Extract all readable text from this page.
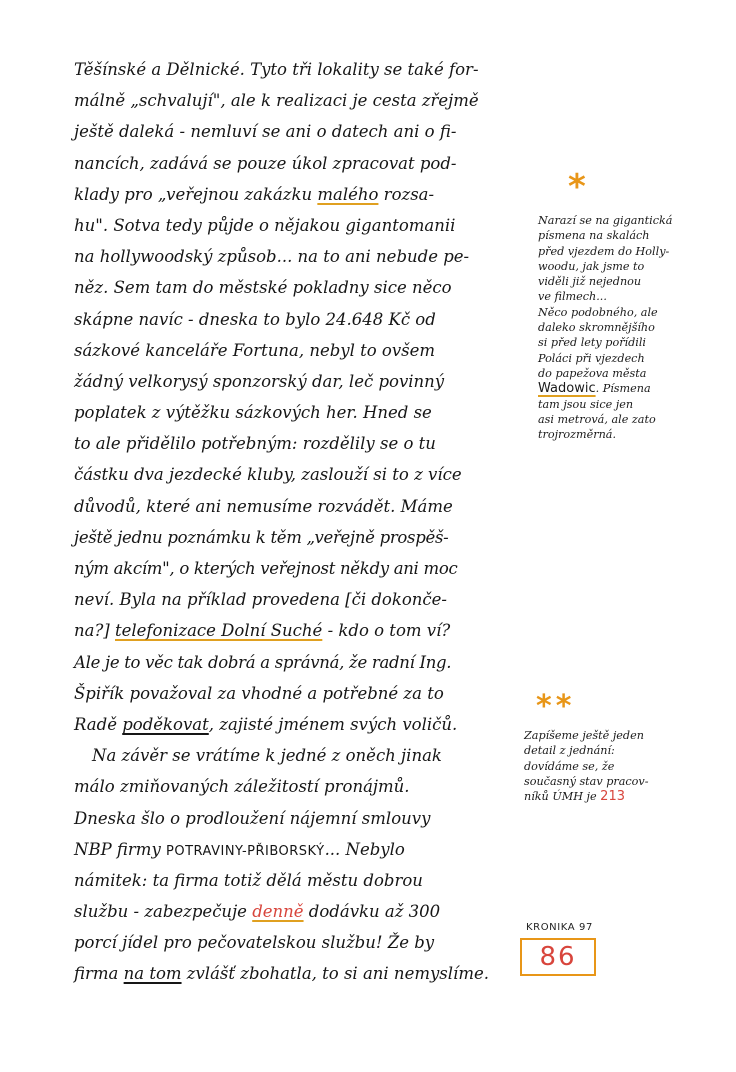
Těšínské a Dělnické. Tyto tři lokality se také for-
málně „schvalují", ale k realizaci je cesta zřejmě
ještě daleká - nemluví se ani o datech ani o fi-
nancích, zadává se pouze úkol zpracovat pod-
klady pro „veřejnou zakázku malého rozsa-
hu". Sotva tedy půjde o nějakou gigantomanii
na hollywoodský způsob... na to ani nebude pe-
něz. Sem tam do městské pokladny sice něco
skápne navíc - dneska to bylo 24.648 Kč od
sázkové kanceláře Fortuna, nebyl to ovšem
žádný velkorysý sponzorský dar, leč povinný
poplatek z výtěžku sázkových her. Hned se
to ale přidělilo potřebným: rozdělily se o tu
částku dva jezdecké kluby, zaslouží si to z více
důvodů, které ani nemusíme rozvádět. Máme
ještě jednu poznámku k těm „veřejně prospěš-
ným akcím", o kterých veřejnost někdy ani moc
neví. Byla na příklad provedena [či dokonče-
na?] telefonizace Dolní Suché - kdo o tom ví?
Ale je to věc tak dobrá a správná, že radní Ing.
Špiřík považoval za vhodné a potřebné za to
Radě poděkovat, zajisté jménem svých voličů.
Na závěr se vrátíme k jedné z oněch jinak
málo zmiňovaných záležitostí pronájmů.
Dneska šlo o prodloužení nájemní smlouvy
NBP firmy POTRAVINY-PŘIBORSKÝ... Nebylo
námitek: ta firma totiž dělá městu dobrou
službu - zabezpečuje denně dodávku až 300
porcí jídel pro pečovatelskou službu! Že by
firma na tom zvlášť zbohatla, to si ani nemyslíme.
*
Narazí se na gigantická
písmena na skalách
před vjezdem do Holly-
woodu, jak jsme to
viděli již nejednou
ve filmech...
Něco podobného, ale
daleko skromnějšího
si před lety pořídili
Poláci při vjezdech
do papežova města
Wadowic. Písmena
tam jsou sice jen
asi metrová, ale zato
trojrozměrná.
**
Zapíšeme ještě jeden
detail z jednání:
dovídáme se, že
současný stav pracov-
níků ÚMH je 213
KRONIKA 97
86
